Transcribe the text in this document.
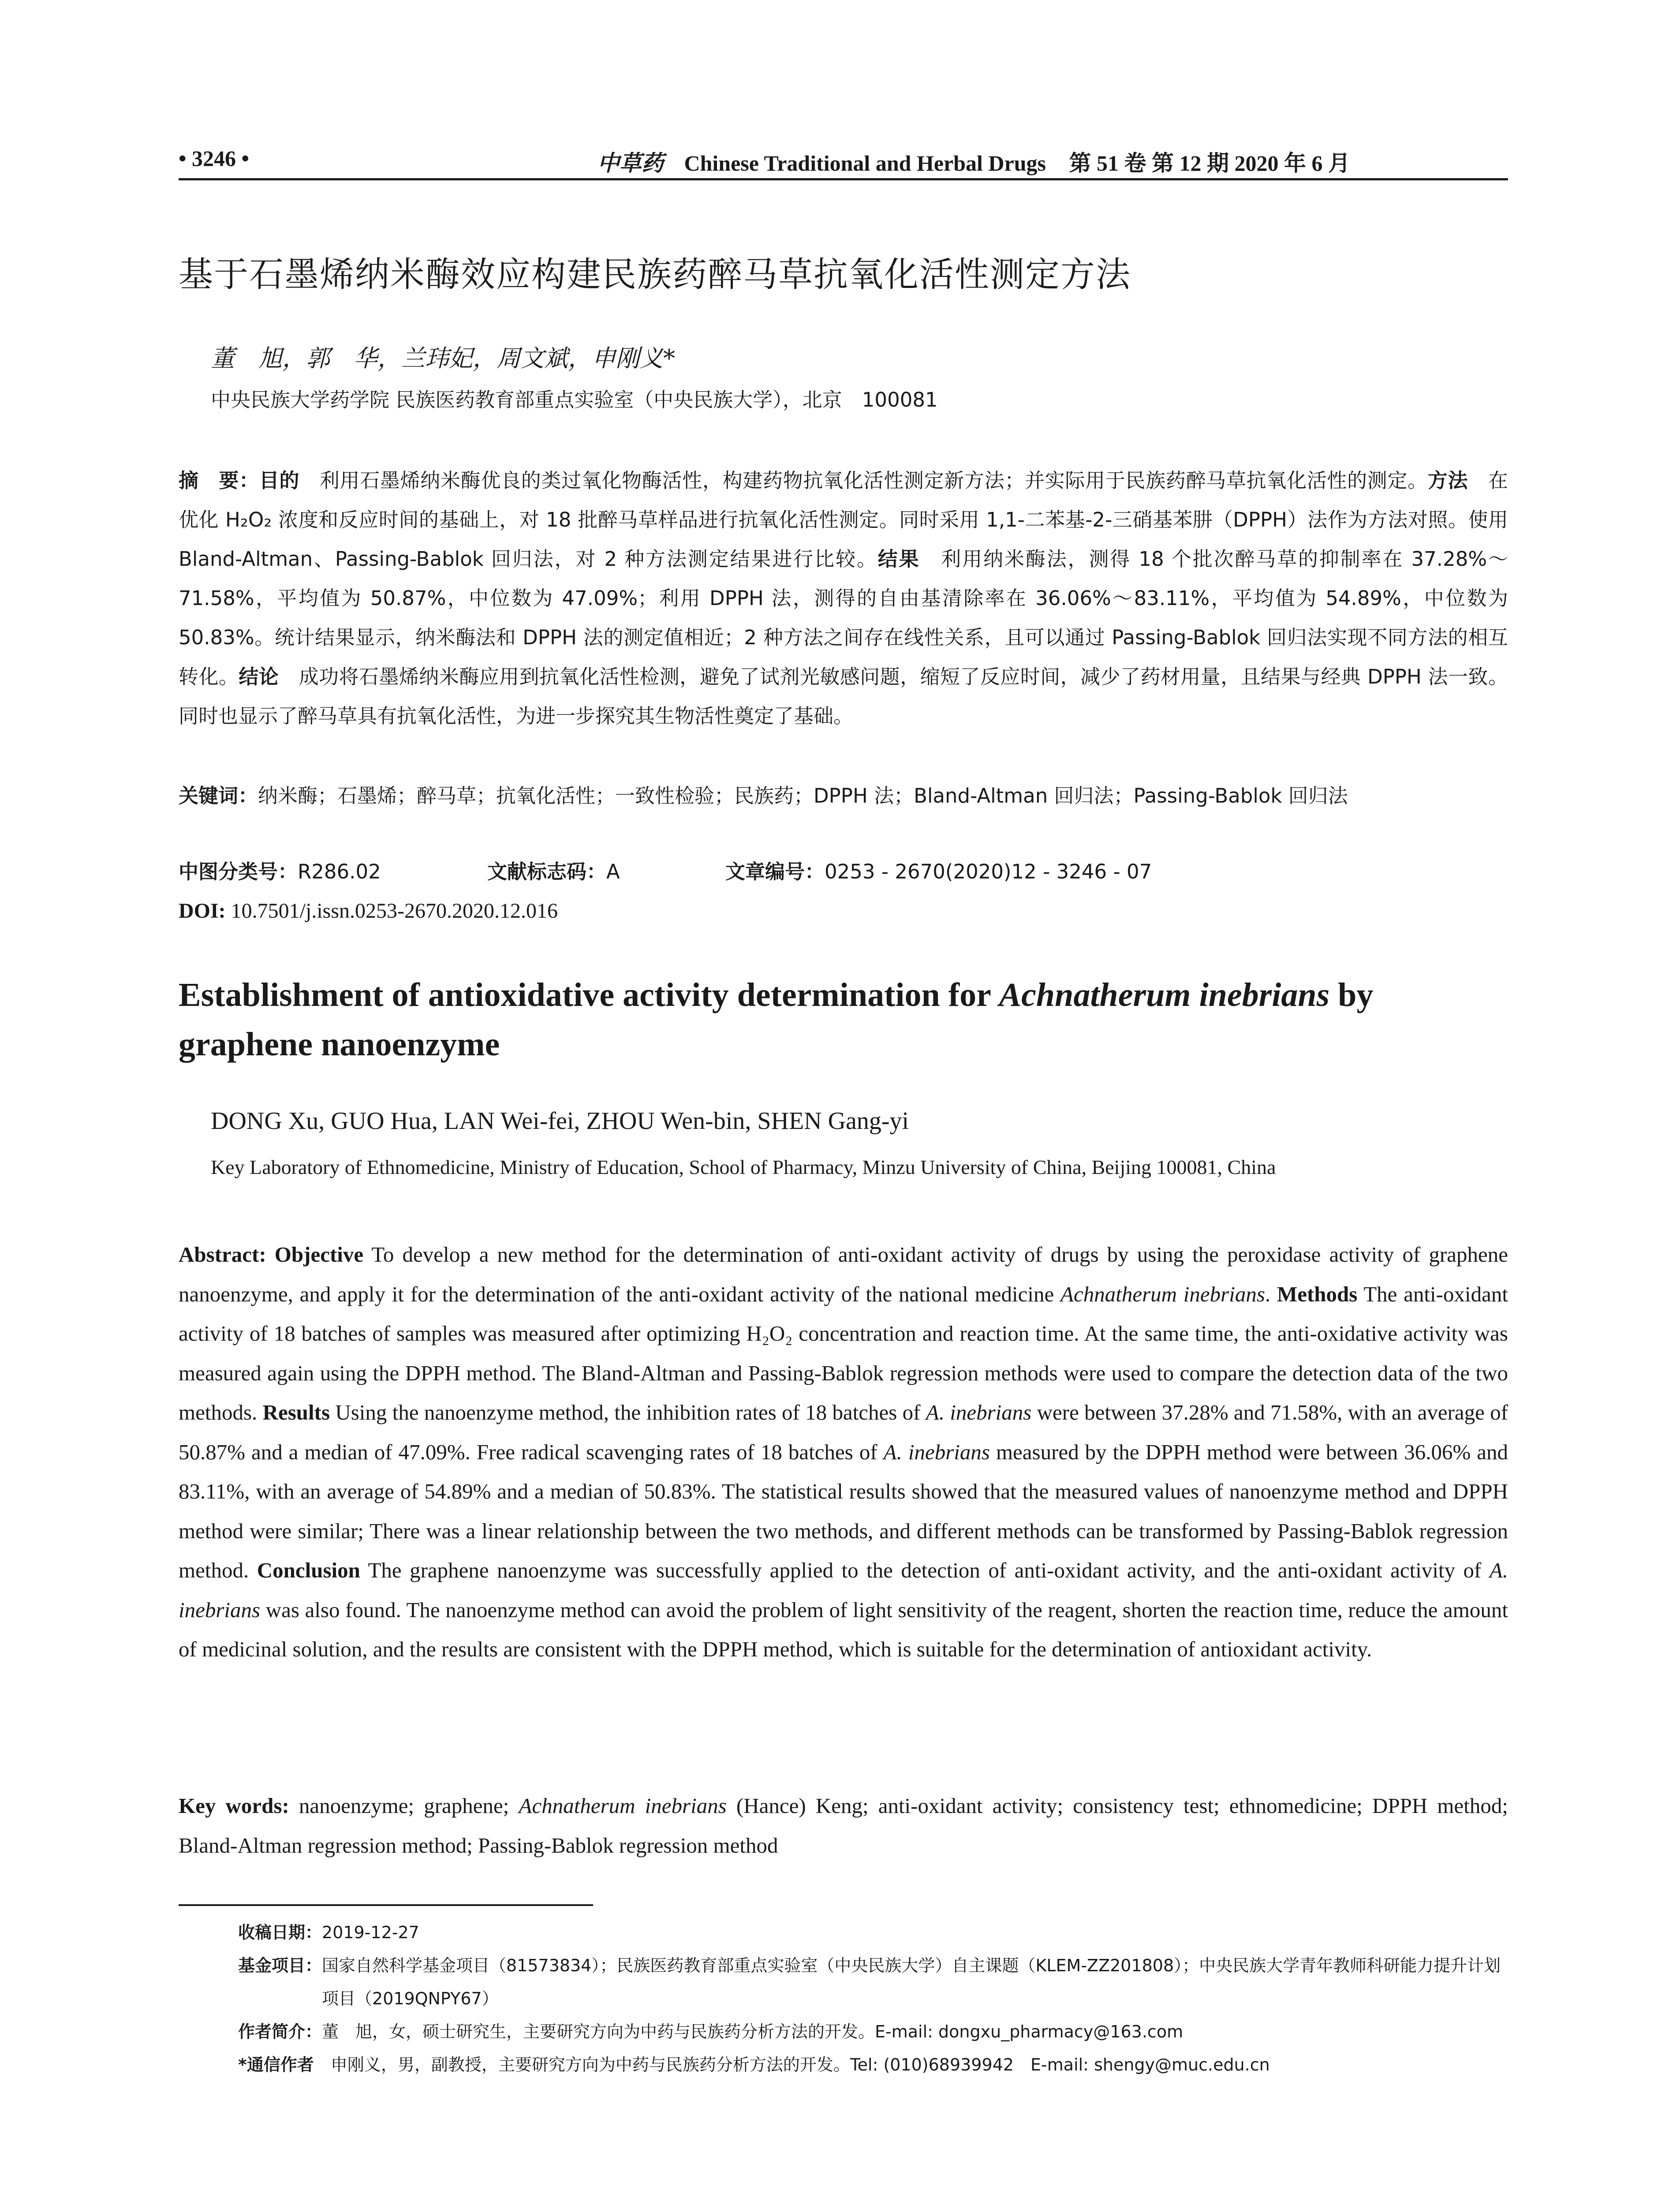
• 3246 •	中草药 Chinese Traditional and Herbal Drugs 第 51 卷 第 12 期 2020 年 6 月
基于石墨烯纳米酶效应构建民族药醉马草抗氧化活性测定方法
董　旭，郭　华，兰玮妃，周文斌，申刚义*
中央民族大学药学院 民族医药教育部重点实验室（中央民族大学），北京　100081
摘　要：目的　利用石墨烯纳米酶优良的类过氧化物酶活性，构建药物抗氧化活性测定新方法；并实际用于民族药醉马草抗氧化活性的测定。方法　在优化 H₂O₂ 浓度和反应时间的基础上，对 18 批醉马草样品进行抗氧化活性测定。同时采用 1,1-二苯基-2-三硝基苯肼（DPPH）法作为方法对照。使用 Bland-Altman、Passing-Bablok 回归法，对 2 种方法测定结果进行比较。结果　利用纳米酶法，测得 18 个批次醉马草的抑制率在 37.28%～71.58%，平均值为 50.87%，中位数为 47.09%；利用 DPPH 法，测得的自由基清除率在 36.06%～83.11%，平均值为 54.89%，中位数为 50.83%。统计结果显示，纳米酶法和 DPPH 法的测定值相近；2 种方法之间存在线性关系，且可以通过 Passing-Bablok 回归法实现不同方法的相互转化。结论　成功将石墨烯纳米酶应用到抗氧化活性检测，避免了试剂光敏感问题，缩短了反应时间，减少了药材用量，且结果与经典 DPPH 法一致。同时也显示了醉马草具有抗氧化活性，为进一步探究其生物活性奠定了基础。
关键词：纳米酶；石墨烯；醉马草；抗氧化活性；一致性检验；民族药；DPPH 法；Bland-Altman 回归法；Passing-Bablok 回归法
中图分类号：R286.02	文献标志码：A	文章编号：0253 - 2670(2020)12 - 3246 - 07
DOI: 10.7501/j.issn.0253-2670.2020.12.016
Establishment of antioxidative activity determination for Achnatherum inebrians by graphene nanoenzyme
DONG Xu, GUO Hua, LAN Wei-fei, ZHOU Wen-bin, SHEN Gang-yi
Key Laboratory of Ethnomedicine, Ministry of Education, School of Pharmacy, Minzu University of China, Beijing 100081, China
Abstract: Objective To develop a new method for the determination of anti-oxidant activity of drugs by using the peroxidase activity of graphene nanoenzyme, and apply it for the determination of the anti-oxidant activity of the national medicine Achnatherum inebrians. Methods The anti-oxidant activity of 18 batches of samples was measured after optimizing H₂O₂ concentration and reaction time. At the same time, the anti-oxidative activity was measured again using the DPPH method. The Bland-Altman and Passing-Bablok regression methods were used to compare the detection data of the two methods. Results Using the nanoenzyme method, the inhibition rates of 18 batches of A. inebrians were between 37.28% and 71.58%, with an average of 50.87% and a median of 47.09%. Free radical scavenging rates of 18 batches of A. inebrians measured by the DPPH method were between 36.06% and 83.11%, with an average of 54.89% and a median of 50.83%. The statistical results showed that the measured values of nanoenzyme method and DPPH method were similar; There was a linear relationship between the two methods, and different methods can be transformed by Passing-Bablok regression method. Conclusion The graphene nanoenzyme was successfully applied to the detection of anti-oxidant activity, and the anti-oxidant activity of A. inebrians was also found. The nanoenzyme method can avoid the problem of light sensitivity of the reagent, shorten the reaction time, reduce the amount of medicinal solution, and the results are consistent with the DPPH method, which is suitable for the determination of antioxidant activity.
Key words: nanoenzyme; graphene; Achnatherum inebrians (Hance) Keng; anti-oxidant activity; consistency test; ethnomedicine; DPPH method; Bland-Altman regression method; Passing-Bablok regression method
收稿日期： 2019-12-27
基金项目： 国家自然科学基金项目（81573834）；民族医药教育部重点实验室（中央民族大学）自主课题（KLEM-ZZ201808）；中央民族大学青年教师科研能力提升计划项目（2019QNPY67）
作者简介： 董　旭，女，硕士研究生，主要研究方向为中药与民族药分析方法的开发。E-mail: dongxu_pharmacy@163.com
*通信作者 　申刚义，男，副教授，主要研究方向为中药与民族药分析方法的开发。Tel: (010)68939942　E-mail: shengy@muc.edu.cn
